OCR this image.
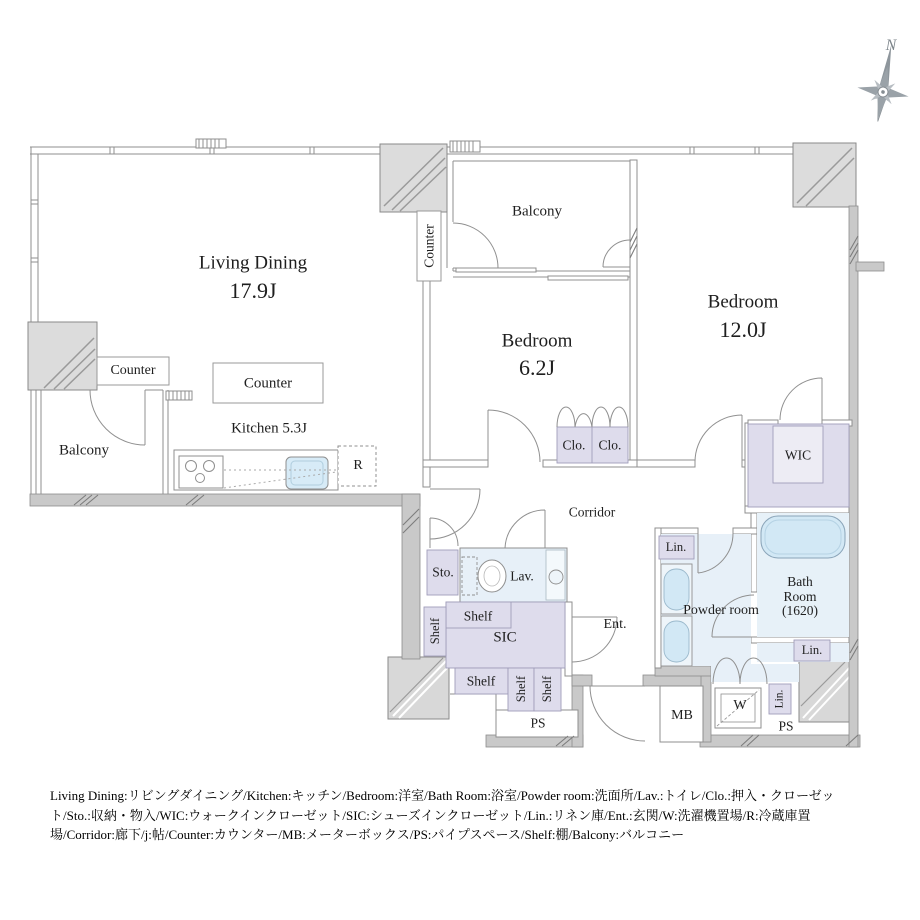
Living Dining
17.9J
Balcony
Bedroom
12.0J
Bedroom
6.2J
Counter
Counter
Counter
Balcony
Kitchen 5.3J
R
Clo. Clo.
WIC
Corridor
Sto.	Lav.
Lin.
Bath
Room
(1620)
Powder room
Shelf
Shelf
SIC
Shelf Shelf Shelf
PS
Ent.
MB
W Lin.
Lin.
PS
N
Living Dining:リビングダイニング/Kitchen:キッチン/Bedroom:洋室/Bath Room:浴室/Powder room:洗面所/Lav.:トイレ/Clo.:押入・クローゼット/Sto.:収納・物入/WIC:ウォークインクローゼット/SIC:シューズインクローゼット/Lin.:リネン庫/Ent.:玄関/W:洗濯機置場/R:冷蔵庫置場/Corridor:廊下/j:帖/Counter:カウンター/MB:メーターボックス/PS:パイプスペース/Shelf:棚/Balcony:バルコニー
